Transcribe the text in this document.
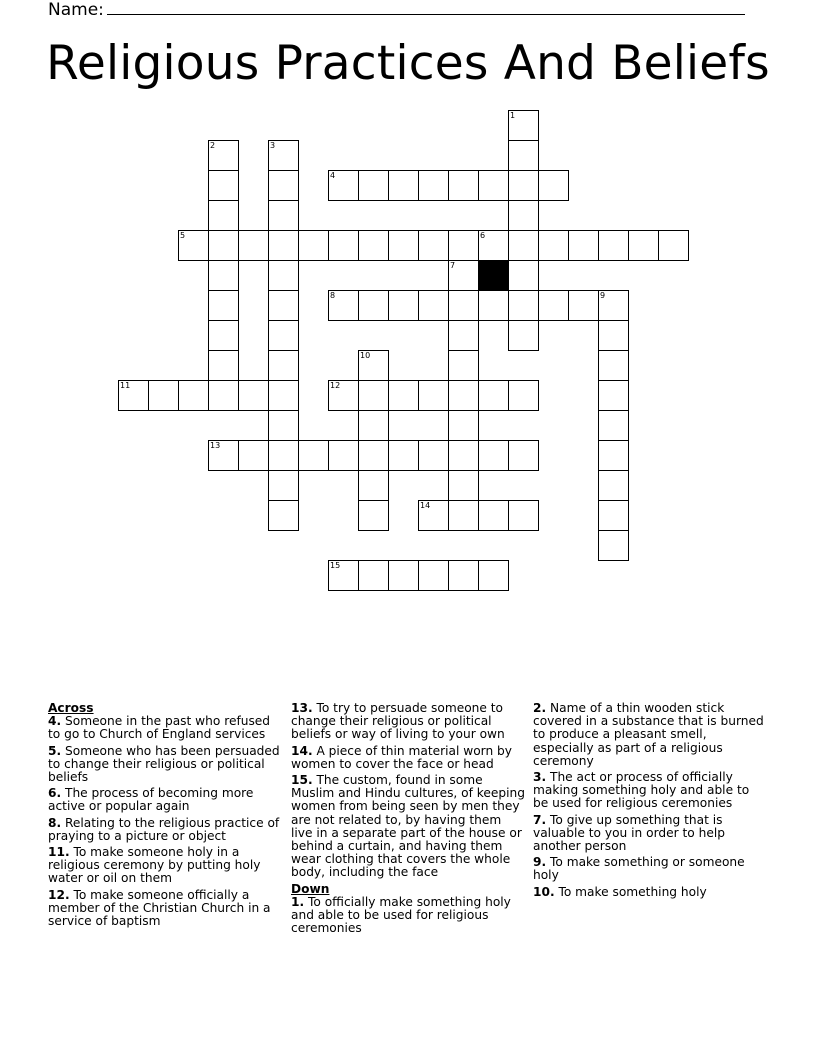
Name:
Religious Practices And Beliefs
1
2	3
4
5	6
7
8	9
10
11	12
13
14
15
Across
4. Someone in the past who refused to go to Church of England services
5. Someone who has been persuaded to change their religious or political beliefs
6. The process of becoming more active or popular again
8. Relating to the religious practice of praying to a picture or object
11. To make someone holy in a religious ceremony by putting holy water or oil on them
12. To make someone officially a member of the Christian Church in a service of baptism
13. To try to persuade someone to change their religious or political beliefs or way of living to your own
14. A piece of thin material worn by women to cover the face or head
15. The custom, found in some Muslim and Hindu cultures, of keeping women from being seen by men they are not related to, by having them live in a separate part of the house or behind a curtain, and having them wear clothing that covers the whole body, including the face
Down
1. To officially make something holy and able to be used for religious ceremonies
2. Name of a thin wooden stick covered in a substance that is burned to produce a pleasant smell, especially as part of a religious ceremony
3. The act or process of officially making something holy and able to be used for religious ceremonies
7. To give up something that is valuable to you in order to help another person
9. To make something or someone holy
10. To make something holy
